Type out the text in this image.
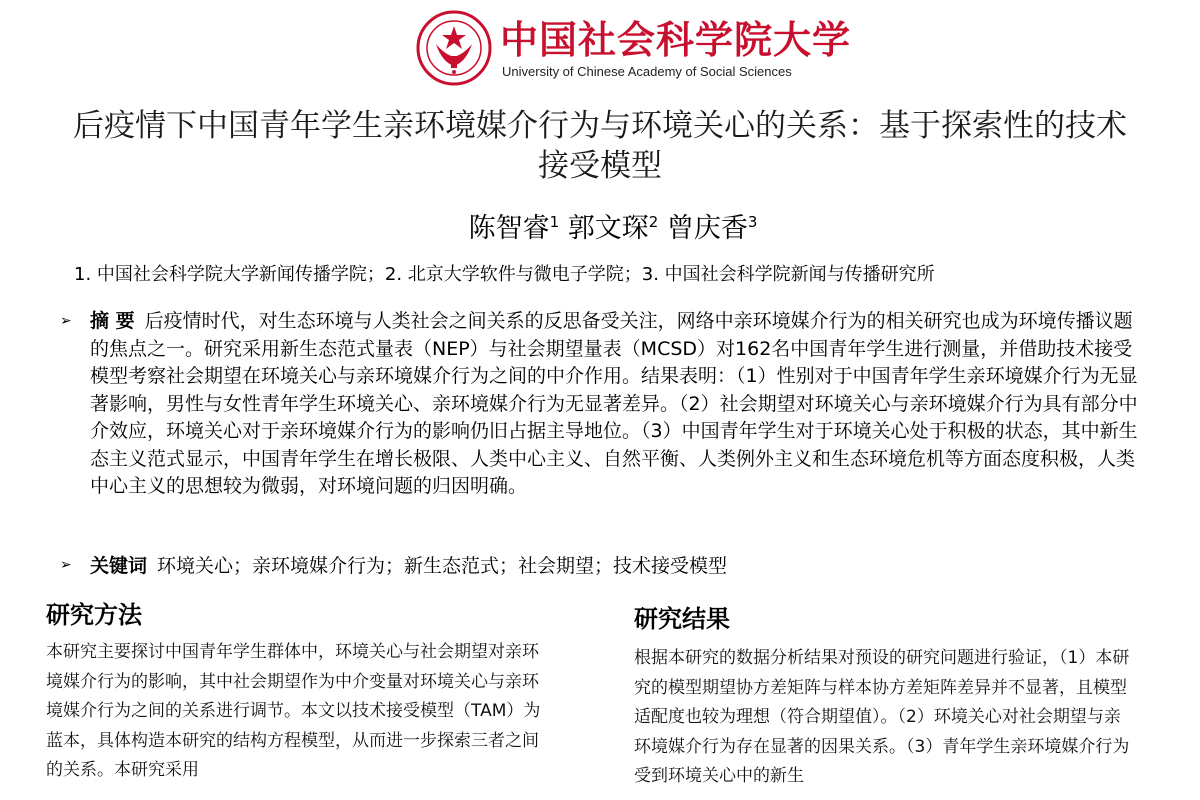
中国社会科学院大学
University of Chinese Academy of Social Sciences
后疫情下中国青年学生亲环境媒介行为与环境关心的关系：基于探索性的技术接受模型
陈智睿$^1$ 郭文琛$^2$ 曾庆香$^3$
1. 中国社会科学院大学新闻传播学院；2. 北京大学软件与微电子学院；3. 中国社会科学院新闻与传播研究所
➢ 摘 要 后疫情时代，对生态环境与人类社会之间关系的反思备受关注，网络中亲环境媒介行为的相关研究也成为环境传播议题的焦点之一。研究采用新生态范式量表（NEP）与社会期望量表（MCSD）对162名中国青年学生进行测量，并借助技术接受模型考察社会期望在环境关心与亲环境媒介行为之间的中介作用。结果表明：（1）性别对于中国青年学生亲环境媒介行为无显著影响，男性与女性青年学生环境关心、亲环境媒介行为无显著差异。（2）社会期望对环境关心与亲环境媒介行为具有部分中介效应，环境关心对于亲环境媒介行为的影响仍旧占据主导地位。（3）中国青年学生对于环境关心处于积极的状态，其中新生态主义范式显示，中国青年学生在增长极限、人类中心主义、自然平衡、人类例外主义和生态环境危机等方面态度积极，人类中心主义的思想较为微弱，对环境问题的归因明确。
➢ 关键词 环境关心；亲环境媒介行为；新生态范式；社会期望；技术接受模型
研究方法
本研究主要探讨中国青年学生群体中，环境关心与社会期望对亲环境媒介行为的影响，其中社会期望作为中介变量对环境关心与亲环境媒介行为之间的关系进行调节。本文以技术接受模型（TAM）为蓝本，具体构造本研究的结构方程模型，从而进一步探索三者之间的关系。本研究采用
研究结果
根据本研究的数据分析结果对预设的研究问题进行验证，（1）本研究的模型期望协方差矩阵与样本协方差矩阵差异并不显著，且模型适配度也较为理想（符合期望值）。（2）环境关心对社会期望与亲环境媒介行为存在显著的因果关系。（3）青年学生亲环境媒介行为受到环境关心中的新生
